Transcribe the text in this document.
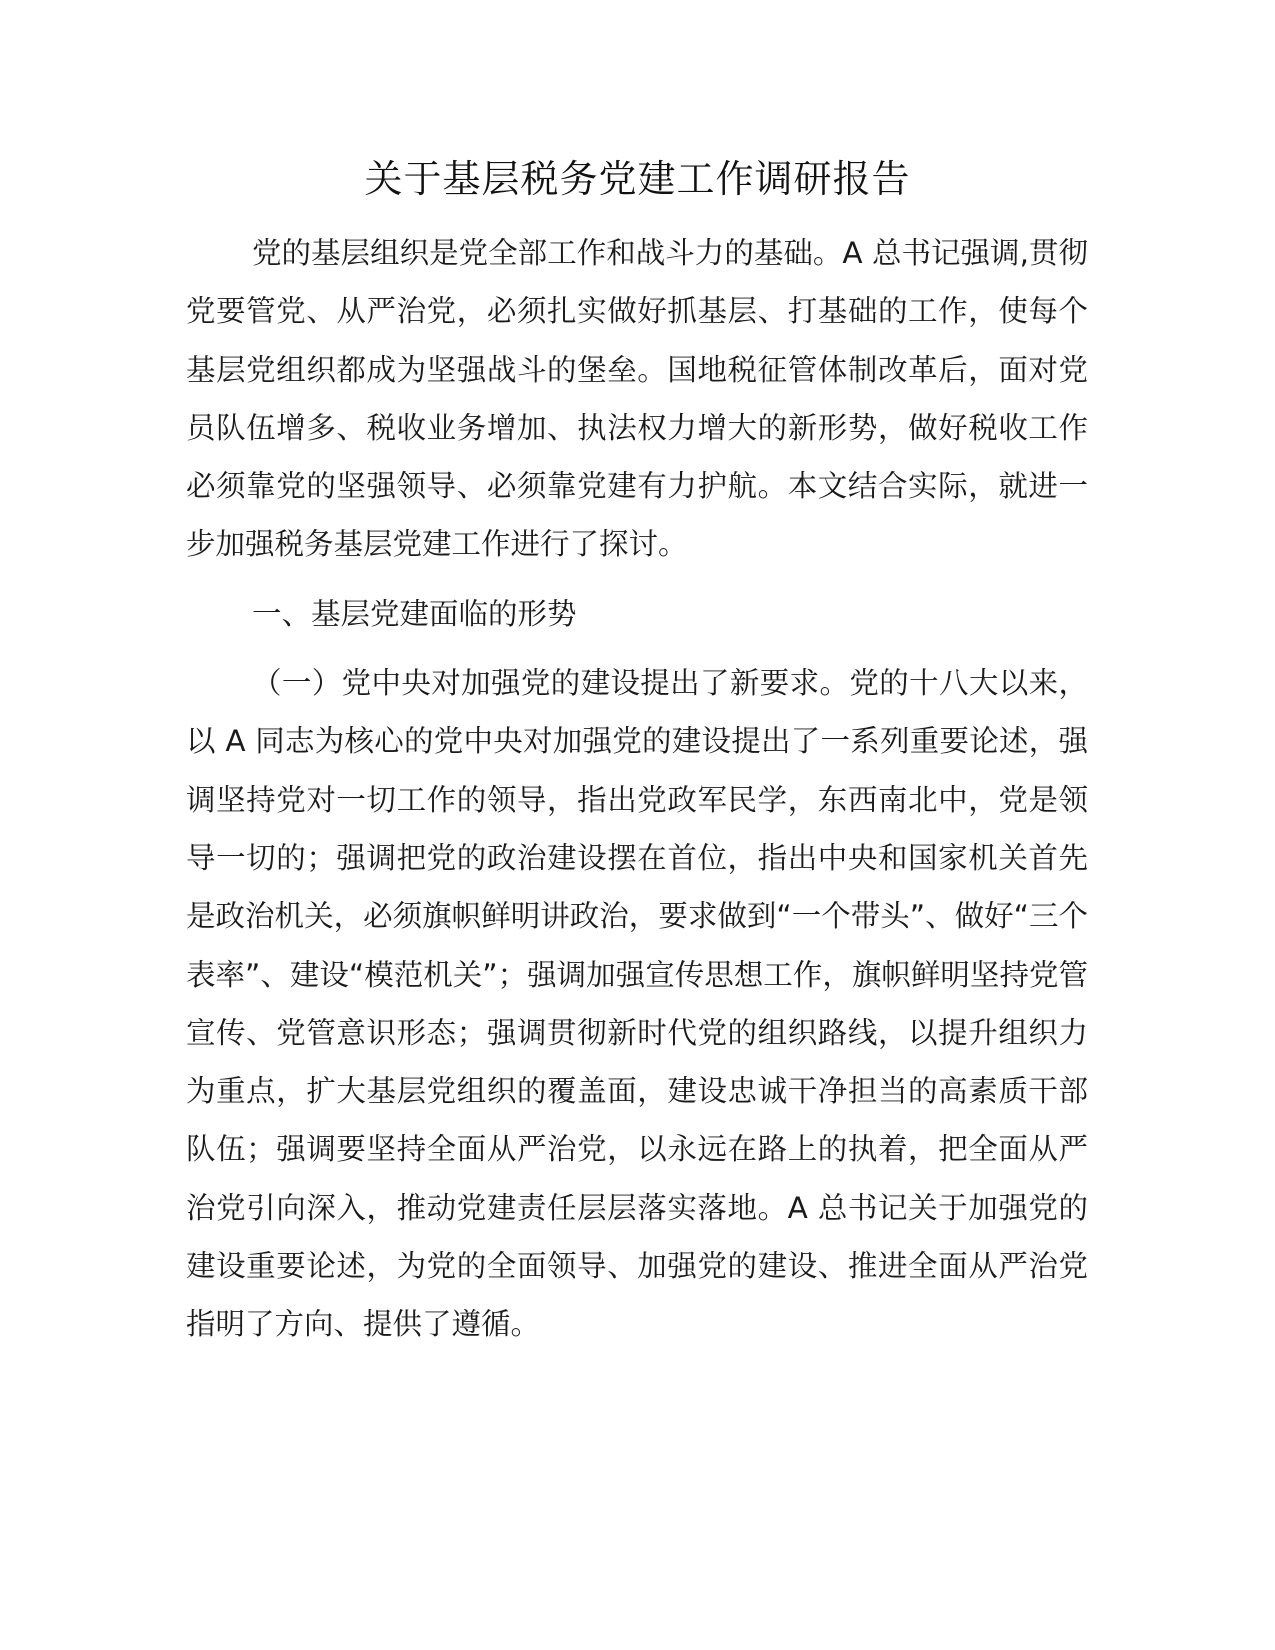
关于基层税务党建工作调研报告

党的基层组织是党全部工作和战斗力的基础。A 总书记强调,贯彻党要管党、从严治党，必须扎实做好抓基层、打基础的工作，使每个基层党组织都成为坚强战斗的堡垒。国地税征管体制改革后，面对党员队伍增多、税收业务增加、执法权力增大的新形势，做好税收工作必须靠党的坚强领导、必须靠党建有力护航。本文结合实际，就进一步加强税务基层党建工作进行了探讨。

一、基层党建面临的形势

（一）党中央对加强党的建设提出了新要求。党的十八大以来，  以 A 同志为核心的党中央对加强党的建设提出了一系列重要论述，强调坚持党对一切工作的领导，指出党政军民学，东西南北中，党是领导一切的；强调把党的政治建设摆在首位，指出中央和国家机关首先是政治机关，必须旗帜鲜明讲政治，要求做到“一个带头”、做好“三个表率”、建设“模范机关”；强调加强宣传思想工作，旗帜鲜明坚持党管宣传、党管意识形态；强调贯彻新时代党的组织路线，以提升组织力为重点，扩大基层党组织的覆盖面，建设忠诚干净担当的高素质干部队伍；强调要坚持全面从严治党，以永远在路上的执着，把全面从严治党引向深入，推动党建责任层层落实落地。A 总书记关于加强党的建设重要论述，为党的全面领导、加强党的建设、推进全面从严治党指明了方向、提供了遵循。
